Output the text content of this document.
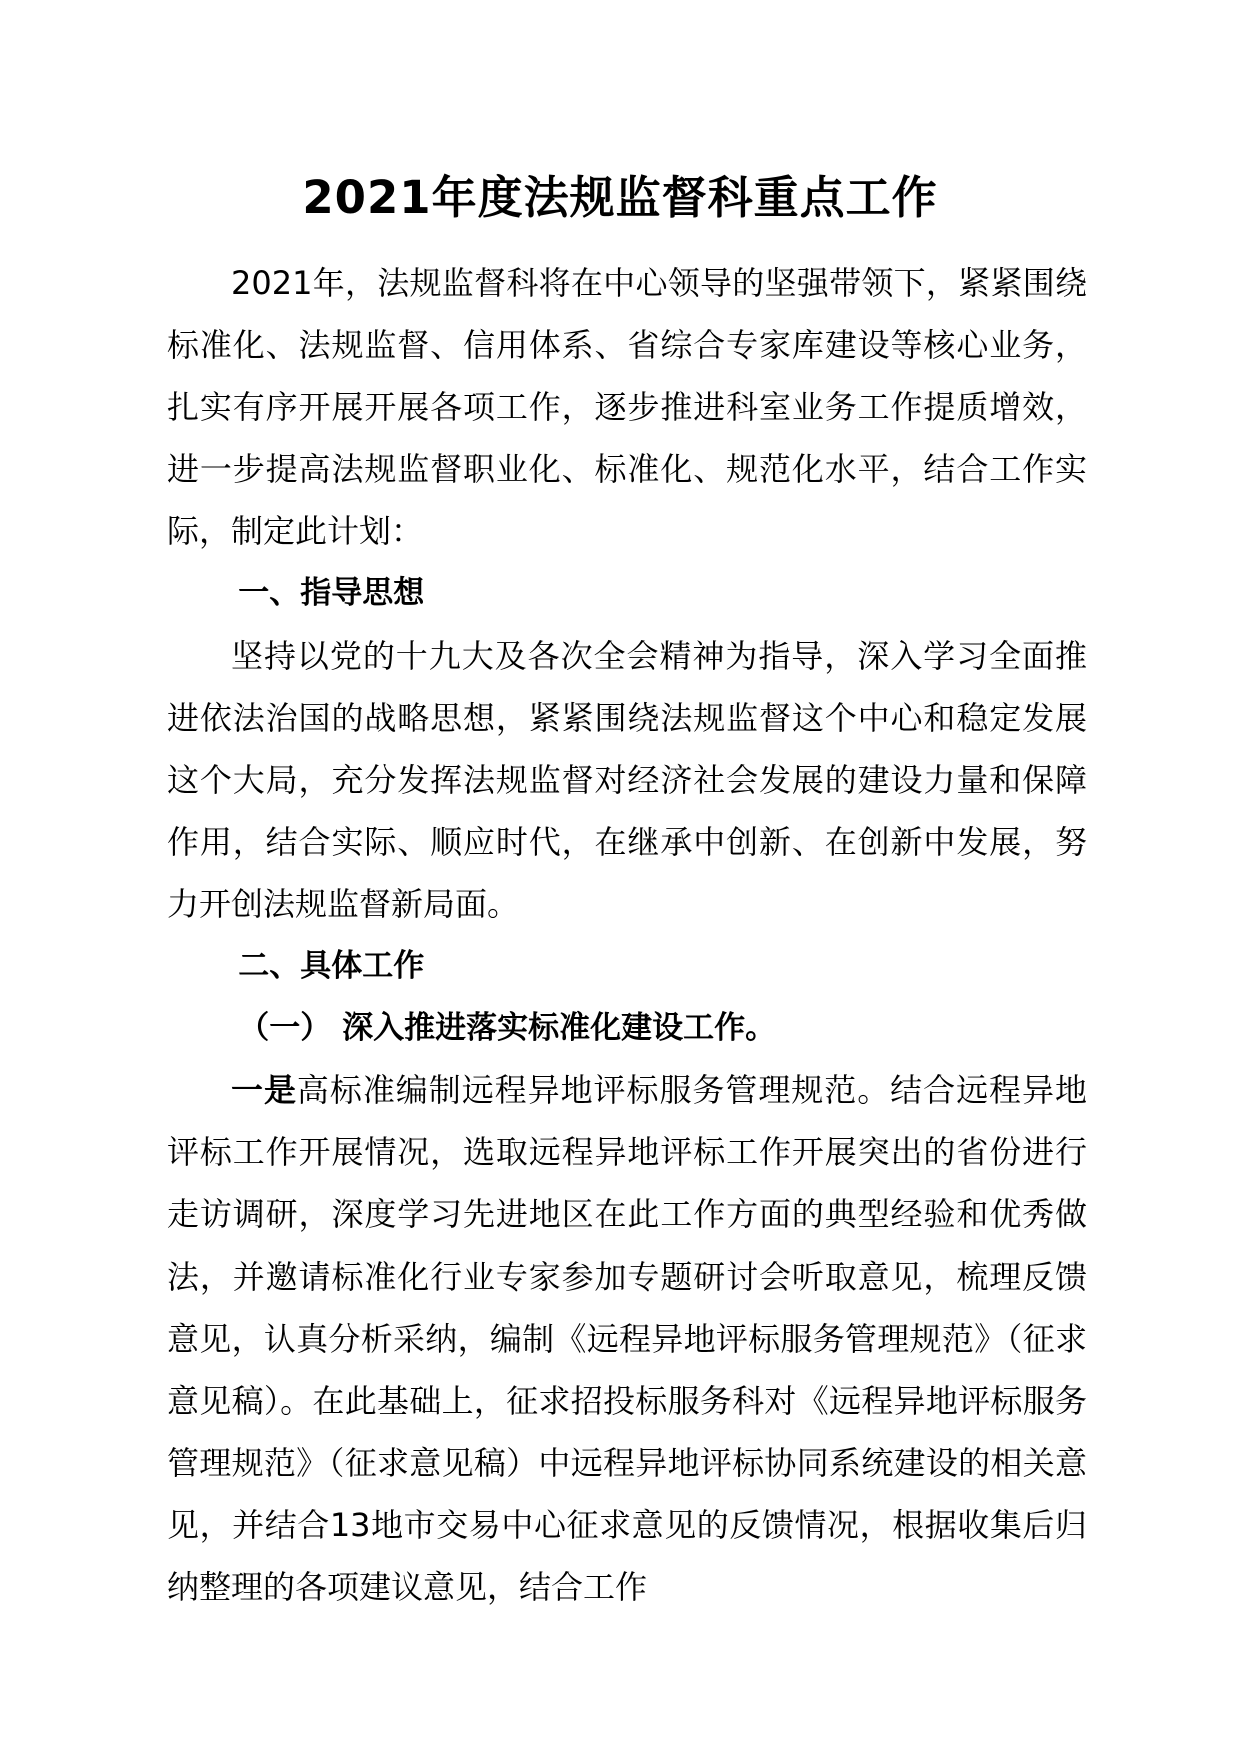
2021年度法规监督科重点工作

2021年，法规监督科将在中心领导的坚强带领下，紧紧围绕标准化、法规监督、信用体系、省综合专家库建设等核心业务，扎实有序开展开展各项工作，逐步推进科室业务工作提质增效，进一步提高法规监督职业化、标准化、规范化水平，结合工作实际，制定此计划：

一、指导思想

坚持以党的十九大及各次全会精神为指导，深入学习全面推进依法治国的战略思想，紧紧围绕法规监督这个中心和稳定发展这个大局，充分发挥法规监督对经济社会发展的建设力量和保障作用，结合实际、顺应时代，在继承中创新、在创新中发展，努力开创法规监督新局面。

二、具体工作

（一） 深入推进落实标准化建设工作。

一是高标准编制远程异地评标服务管理规范。结合远程异地评标工作开展情况，选取远程异地评标工作开展突出的省份进行走访调研，深度学习先进地区在此工作方面的典型经验和优秀做法，并邀请标准化行业专家参加专题研讨会听取意见，梳理反馈意见，认真分析采纳，编制《远程异地评标服务管理规范》（征求意见稿）。在此基础上，征求招投标服务科对《远程异地评标服务管理规范》（征求意见稿）中远程异地评标协同系统建设的相关意见，并结合13地市交易中心征求意见的反馈情况，根据收集后归纳整理的各项建议意见，结合工作
